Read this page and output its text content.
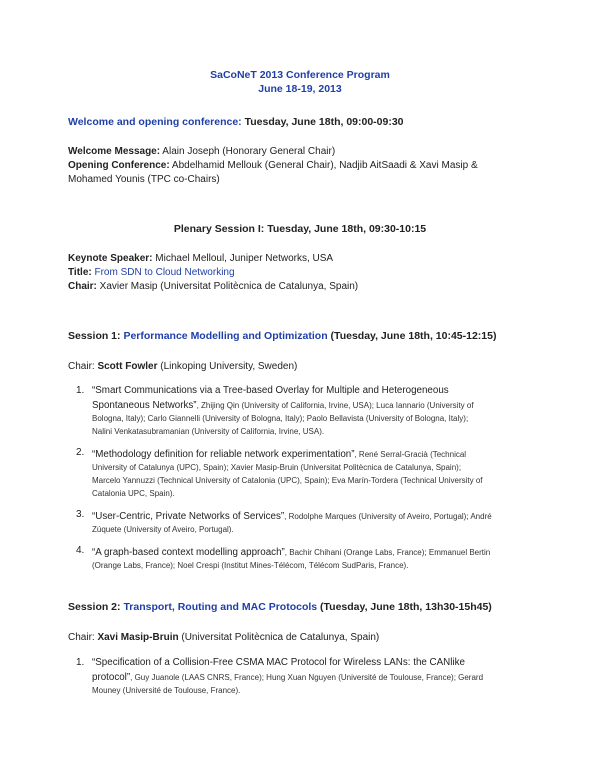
SaCoNeT 2013 Conference Program
June 18-19, 2013
Welcome and opening conference: Tuesday, June 18th, 09:00-09:30
Welcome Message: Alain Joseph (Honorary General Chair)
Opening Conference: Abdelhamid Mellouk (General Chair), Nadjib AitSaadi & Xavi Masip &
Mohamed Younis (TPC co-Chairs)
Plenary Session I: Tuesday, June 18th, 09:30-10:15
Keynote Speaker: Michael Melloul, Juniper Networks, USA
Title: From SDN to Cloud Networking
Chair: Xavier Masip (Universitat Politècnica de Catalunya, Spain)
Session 1: Performance Modelling and Optimization (Tuesday, June 18th, 10:45-12:15)
Chair: Scott Fowler (Linkoping University, Sweden)
1. “Smart Communications via a Tree-based Overlay for Multiple and Heterogeneous
Spontaneous Networks”, Zhijing Qin (University of California, Irvine, USA); Luca Iannario (University of
Bologna, Italy); Carlo Giannelli (University of Bologna, Italy); Paolo Bellavista (University of Bologna, Italy);
Nalini Venkatasubramanian (University of California, Irvine, USA).
2. “Methodology definition for reliable network experimentation”, René Serral-Gracià (Technical
University of Catalunya (UPC), Spain); Xavier Masip-Bruin (Universitat Politècnica de Catalunya, Spain);
Marcelo Yannuzzi (Technical University of Catalonia (UPC), Spain); Eva Marín-Tordera (Technical University of
Catalonia UPC, Spain).
3. “User-Centric, Private Networks of Services”, Rodolphe Marques (University of Aveiro, Portugal); André
Zúquete (University of Aveiro, Portugal).
4. “A graph-based context modelling approach”, Bachir Chihani (Orange Labs, France); Emmanuel Bertin
(Orange Labs, France); Noel Crespi (Institut Mines-Télécom, Télécom SudParis, France).
Session 2: Transport, Routing and MAC Protocols (Tuesday, June 18th, 13h30-15h45)
Chair: Xavi Masip-Bruin (Universitat Politècnica de Catalunya, Spain)
1. “Specification of a Collision-Free CSMA MAC Protocol for Wireless LANs: the CANlike
protocol”, Guy Juanole (LAAS CNRS, France); Hung Xuan Nguyen (Université de Toulouse, France); Gerard
Mouney (Université de Toulouse, France).
